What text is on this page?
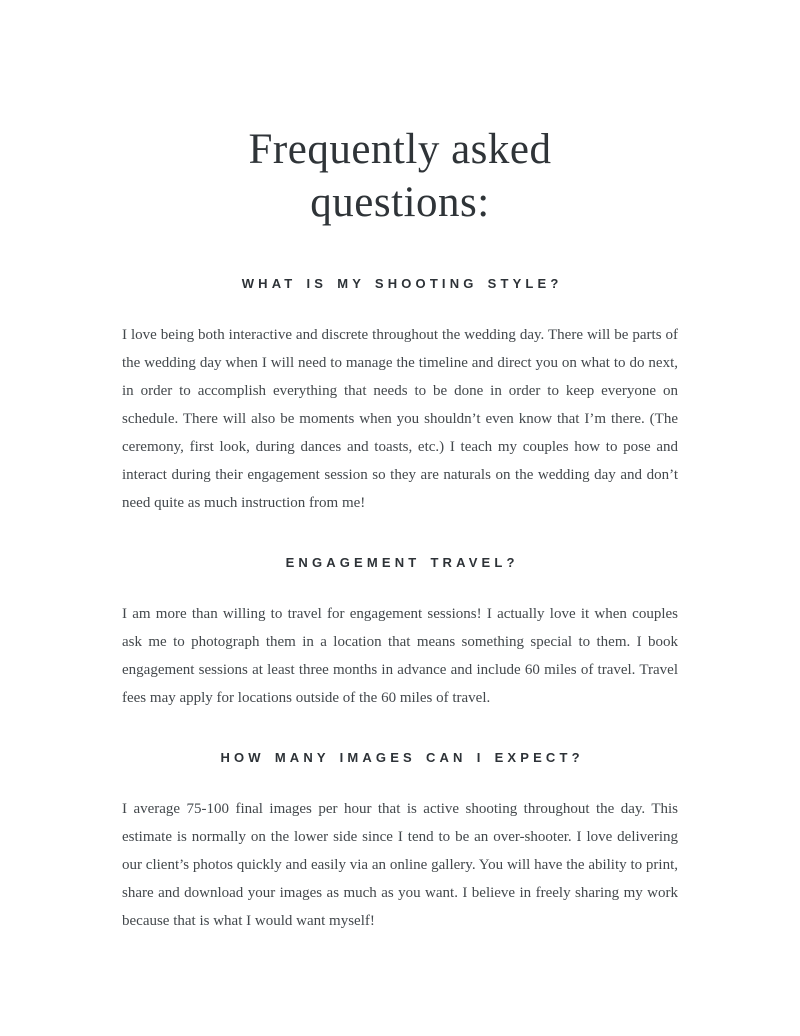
Frequently asked
questions:
WHAT IS MY SHOOTING STYLE?

I love being both interactive and discrete throughout the wedding day. There will be parts of the wedding day when I will need to manage the timeline and direct you on what to do next, in order to accomplish everything that needs to be done in order to keep everyone on schedule. There will also be moments when you shouldn’t even know that I’m there. (The ceremony, first look, during dances and toasts, etc.) I teach my couples how to pose and interact during their engagement session so they are naturals on the wedding day and don’t need quite as much instruction from me!

ENGAGEMENT TRAVEL?

I am more than willing to travel for engagement sessions! I actually love it when couples ask me to photograph them in a location that means something special to them. I book engagement sessions at least three months in advance and include 60 miles of travel. Travel fees may apply for locations outside of the 60 miles of travel.

HOW MANY IMAGES CAN I EXPECT?

I average 75-100 final images per hour that is active shooting throughout the day. This estimate is normally on the lower side since I tend to be an over-shooter. I love delivering our client’s photos quickly and easily via an online gallery. You will have the ability to print, share and download your images as much as you want. I believe in freely sharing my work because that is what I would want myself!
